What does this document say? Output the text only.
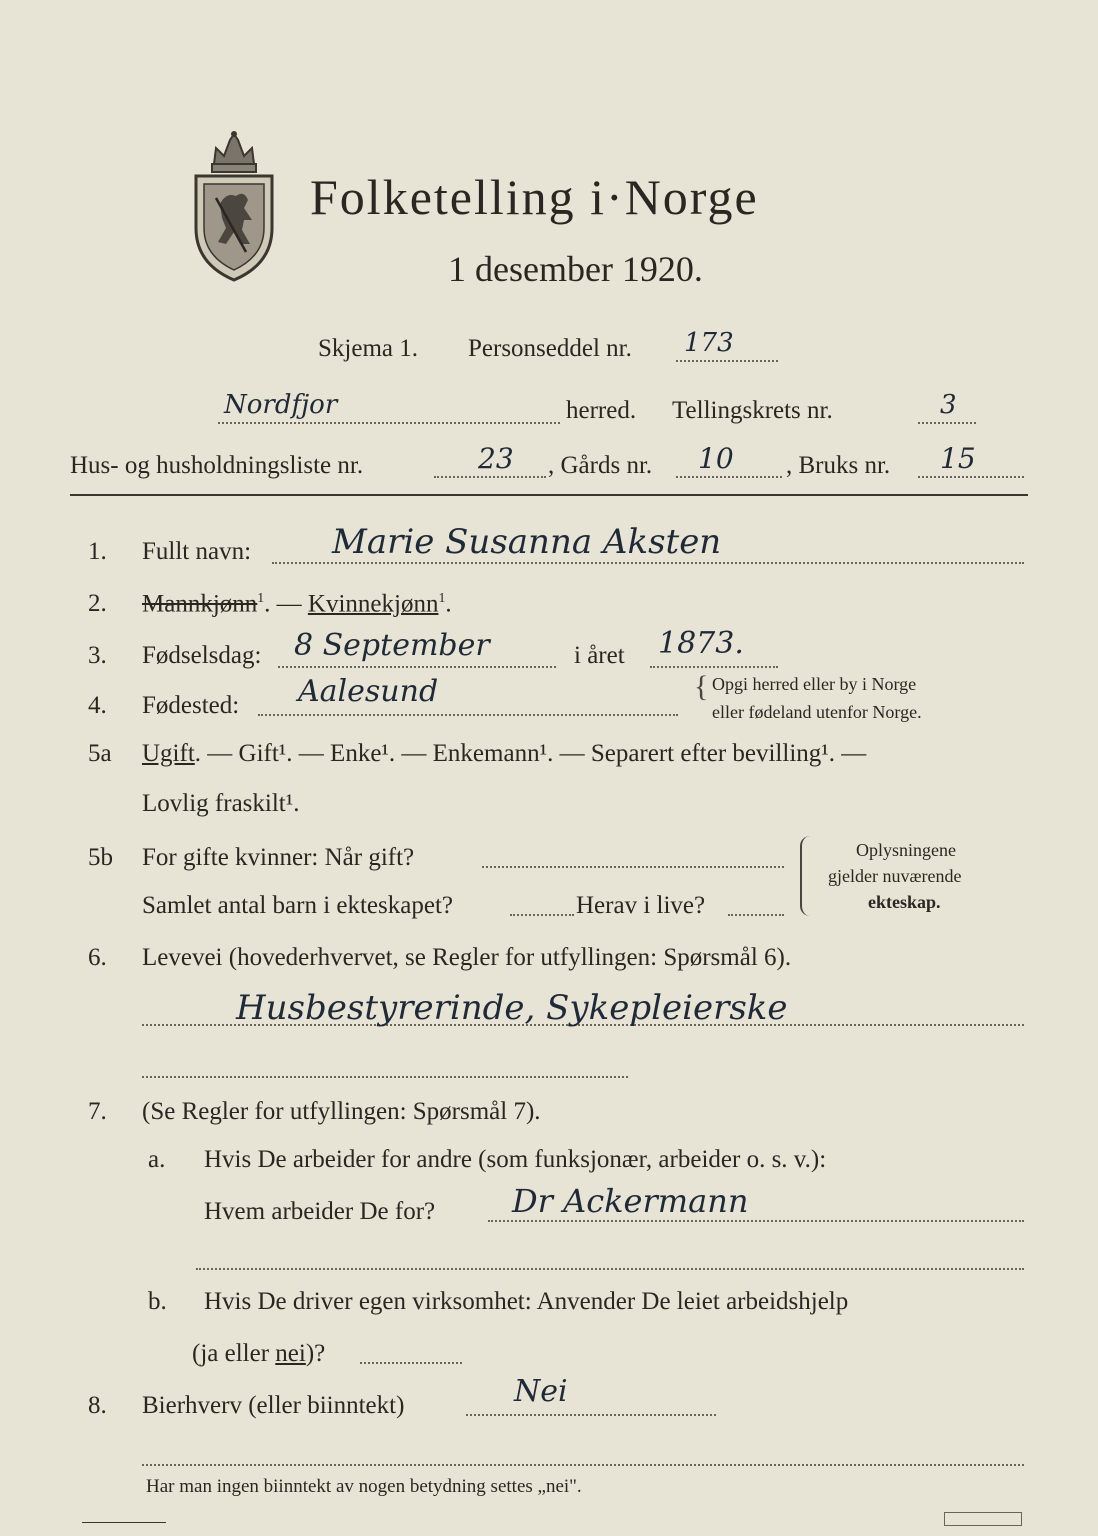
Folketelling i·Norge
1 desember 1920.
Skjema 1. Personseddel nr. 173
Nordfjor	herred. Tellingskrets nr.	3
Hus- og husholdningsliste nr.	23 , Gårds nr. 10 , Bruks nr. 15
1. Fullt navn: Marie Susanna Aksten
2. Mannkjønn$^1$. — Kvinnekjønn$^1$.
3. Fødselsdag: 8 September	i året 1873.
4. Fødested: Aalesund	{ Opgi herred eller by i Norge
eller fødeland utenfor Norge.
5a Ugift. — Gift¹. — Enke¹. — Enkemann¹. — Separert efter bevilling¹. —
Lovlig fraskilt¹.
5b For gifte kvinner: Når gift?
Samlet antal barn i ekteskapet?	Herav i live?
Oplysningene
gjelder nuværende
ekteskap.
6. Levevei (hovederhvervet, se Regler for utfyllingen: Spørsmål 6).
Husbestyrerinde, Sykepleierske
7. (Se Regler for utfyllingen: Spørsmål 7).
a. Hvis De arbeider for andre (som funksjonær, arbeider o. s. v.):
Hvem arbeider De for? Dr Ackermann
b. Hvis De driver egen virksomhet: Anvender De leiet arbeidshjelp
(ja eller nei)?
8. Bierhverv (eller biinntekt)	Nei
Har man ingen biinntekt av nogen betydning settes „nei".
